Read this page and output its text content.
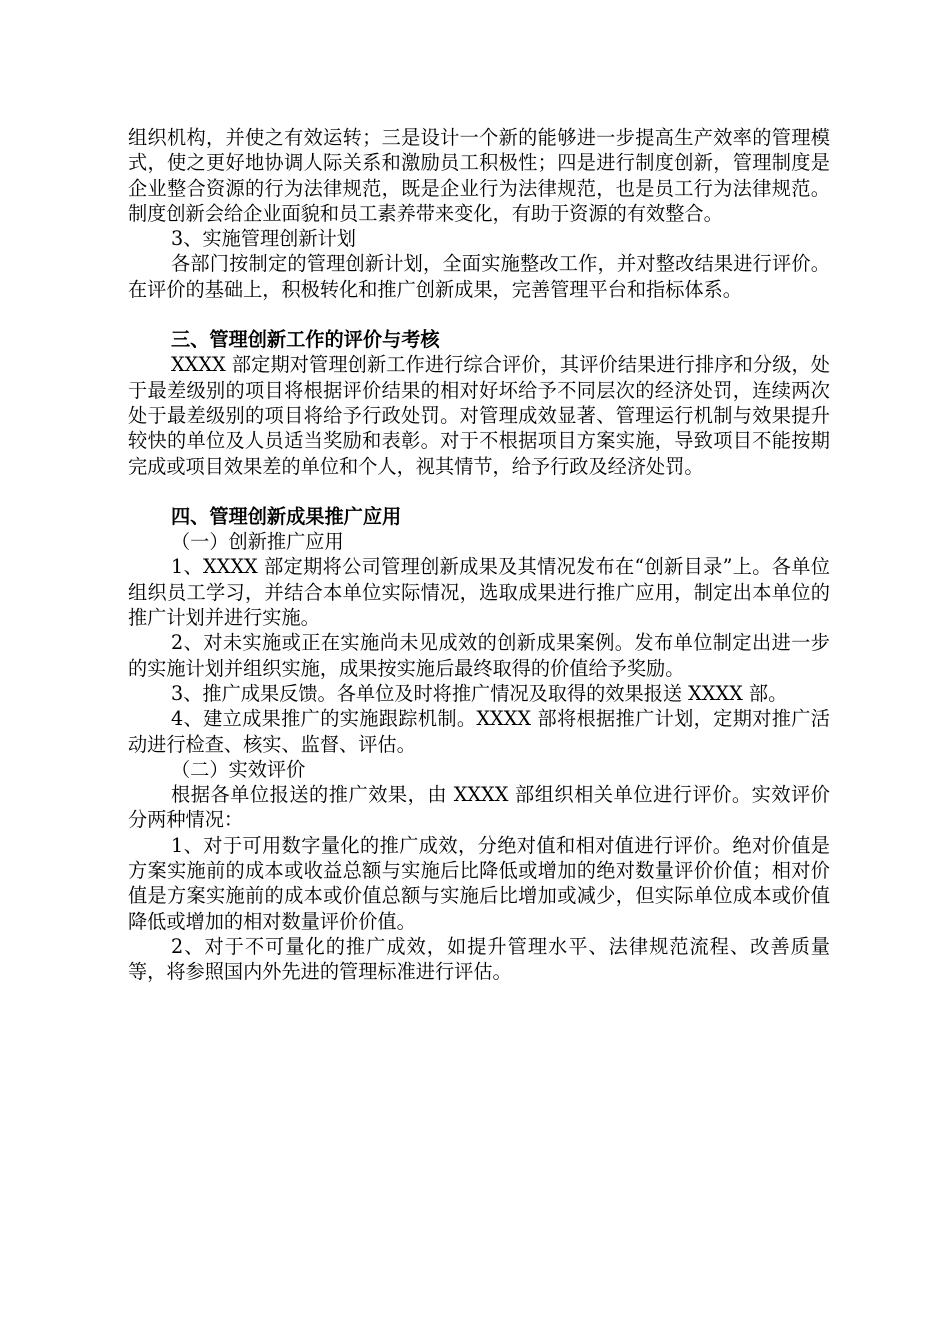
组织机构，并使之有效运转；三是设计一个新的能够进一步提高生产效率的管理模式，使之更好地协调人际关系和激励员工积极性；四是进行制度创新，管理制度是企业整合资源的行为法律规范，既是企业行为法律规范，也是员工行为法律规范。制度创新会给企业面貌和员工素养带来变化，有助于资源的有效整合。

3、实施管理创新计划

各部门按制定的管理创新计划，全面实施整改工作，并对整改结果进行评价。在评价的基础上，积极转化和推广创新成果，完善管理平台和指标体系。

三、管理创新工作的评价与考核

XXXX 部定期对管理创新工作进行综合评价，其评价结果进行排序和分级，处于最差级别的项目将根据评价结果的相对好坏给予不同层次的经济处罚，连续两次处于最差级别的项目将给予行政处罚。对管理成效显著、管理运行机制与效果提升较快的单位及人员适当奖励和表彰。对于不根据项目方案实施，导致项目不能按期完成或项目效果差的单位和个人，视其情节，给予行政及经济处罚。

四、管理创新成果推广应用

（一）创新推广应用

1、XXXX 部定期将公司管理创新成果及其情况发布在“创新目录”上。各单位组织员工学习，并结合本单位实际情况，选取成果进行推广应用，制定出本单位的推广计划并进行实施。

2、对未实施或正在实施尚未见成效的创新成果案例。发布单位制定出进一步的实施计划并组织实施，成果按实施后最终取得的价值给予奖励。

3、推广成果反馈。各单位及时将推广情况及取得的效果报送 XXXX 部。

4、建立成果推广的实施跟踪机制。XXXX 部将根据推广计划，定期对推广活动进行检查、核实、监督、评估。

（二）实效评价

根据各单位报送的推广效果，由 XXXX 部组织相关单位进行评价。实效评价分两种情况：

1、对于可用数字量化的推广成效，分绝对值和相对值进行评价。绝对价值是方案实施前的成本或收益总额与实施后比降低或增加的绝对数量评价价值；相对价值是方案实施前的成本或价值总额与实施后比增加或减少，但实际单位成本或价值降低或增加的相对数量评价价值。

2、对于不可量化的推广成效，如提升管理水平、法律规范流程、改善质量等，将参照国内外先进的管理标准进行评估。
